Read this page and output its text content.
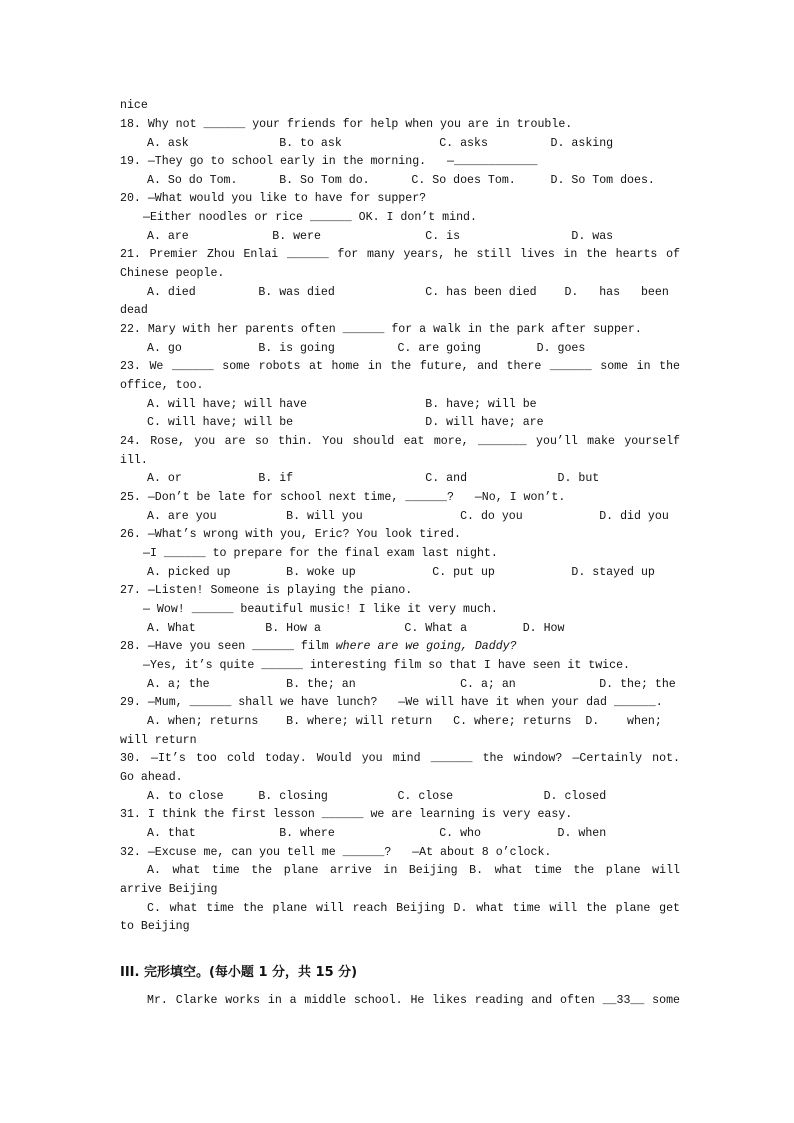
nice
18. Why not ______ your friends for help when you are in trouble.
A. ask             B. to ask              C. asks         D. asking
19. —They go to school early in the morning.   —____________
A. So do Tom.      B. So Tom do.      C. So does Tom.     D. So Tom does.
20. —What would you like to have for supper?
—Either noodles or rice ______ OK. I don’t mind.
A. are            B. were               C. is                D. was
21. Premier Zhou Enlai ______ for many years, he still lives in the hearts of
Chinese people.
A. died         B. was died             C. has been died    D.   has   been
dead
22. Mary with her parents often ______ for a walk in the park after supper.
A. go           B. is going         C. are going        D. goes
23. We ______ some robots at home in the future, and there ______ some in the
office, too.
A. will have; will have                 B. have; will be
C. will have; will be                   D. will have; are
24. Rose, you are so thin. You should eat more, _______ you’ll make yourself
ill.
A. or           B. if                   C. and             D. but
25. —Don’t be late for school next time, ______?   —No, I won’t.
A. are you          B. will you              C. do you           D. did you
26. —What’s wrong with you, Eric? You look tired.
—I ______ to prepare for the final exam last night.
A. picked up        B. woke up           C. put up           D. stayed up
27. —Listen! Someone is playing the piano.
— Wow! ______ beautiful music! I like it very much.
A. What          B. How a            C. What a        D. How
28. —Have you seen ______ film where are we going, Daddy?
—Yes, it’s quite ______ interesting film so that I have seen it twice.
A. a; the           B. the; an               C. a; an            D. the; the
29. —Mum, ______ shall we have lunch?   —We will have it when your dad ______.
A. when; returns    B. where; will return   C. where; returns  D.    when;
will return
30. —It’s too cold today. Would you mind ______ the window? —Certainly not.
Go ahead.
A. to close     B. closing          C. close             D. closed
31. I think the first lesson ______ we are learning is very easy.
A. that            B. where               C. who           D. when
32. —Excuse me, can you tell me ______?   —At about 8 o’clock.
A. what time the plane arrive in Beijing B. what time the plane will
arrive Beijing
C. what time the plane will reach Beijing D. what time will the plane get
to Beijing
III. 完形填空。(每小题 1 分，共 15 分)
Mr. Clarke works in a middle school. He likes reading and often __33__ some
